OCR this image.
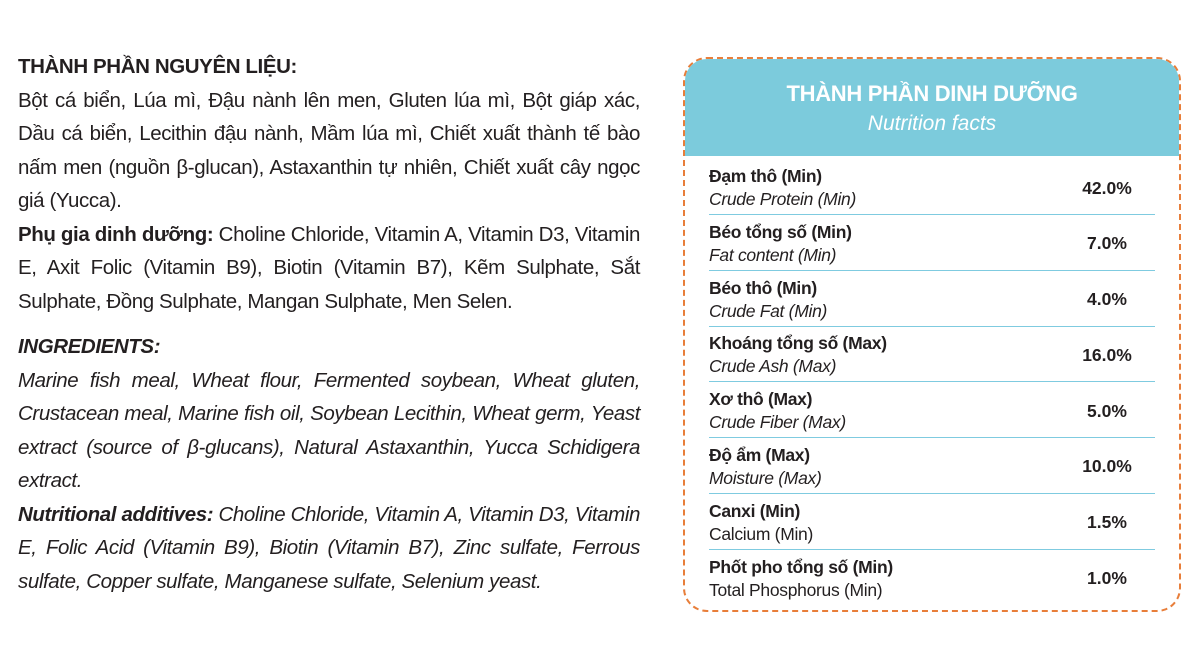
THÀNH PHẦN NGUYÊN LIỆU:

Bột cá biển, Lúa mì, Đậu nành lên men, Gluten lúa mì, Bột giáp xác, Dầu cá biển, Lecithin đậu nành, Mầm lúa mì, Chiết xuất thành tế bào nấm men (nguồn β-glucan), Astaxanthin tự nhiên, Chiết xuất cây ngọc giá (Yucca).

Phụ gia dinh dưỡng: Choline Chloride, Vitamin A, Vitamin D3, Vitamin E, Axit Folic (Vitamin B9), Biotin (Vitamin B7), Kẽm Sulphate, Sắt Sulphate, Đồng Sulphate, Mangan Sulphate, Men Selen.

INGREDIENTS:

Marine fish meal, Wheat flour, Fermented soybean, Wheat gluten, Crustacean meal, Marine fish oil, Soybean Lecithin, Wheat germ, Yeast extract (source of β-glucans), Natural Astaxanthin, Yucca Schidigera extract.

Nutritional additives: Choline Chloride, Vitamin A, Vitamin D3, Vitamin E, Folic Acid (Vitamin B9), Biotin (Vitamin B7), Zinc sulfate, Ferrous sulfate, Copper sulfate, Manganese sulfate, Selenium yeast.

THÀNH PHẦN DINH DƯỠNG
Nutrition facts
Đạm thô (Min)
Crude Protein (Min)
42.0%
Béo tổng số (Min)
Fat content (Min)
7.0%
Béo thô (Min)
Crude Fat (Min)
4.0%
Khoáng tổng số (Max)
Crude Ash (Max)
16.0%
Xơ thô (Max)
Crude Fiber (Max)
5.0%
Độ ẩm (Max)
Moisture (Max)
10.0%
Canxi (Min)
Calcium (Min)
1.5%
Phốt pho tổng số (Min)
Total Phosphorus (Min)
1.0%
